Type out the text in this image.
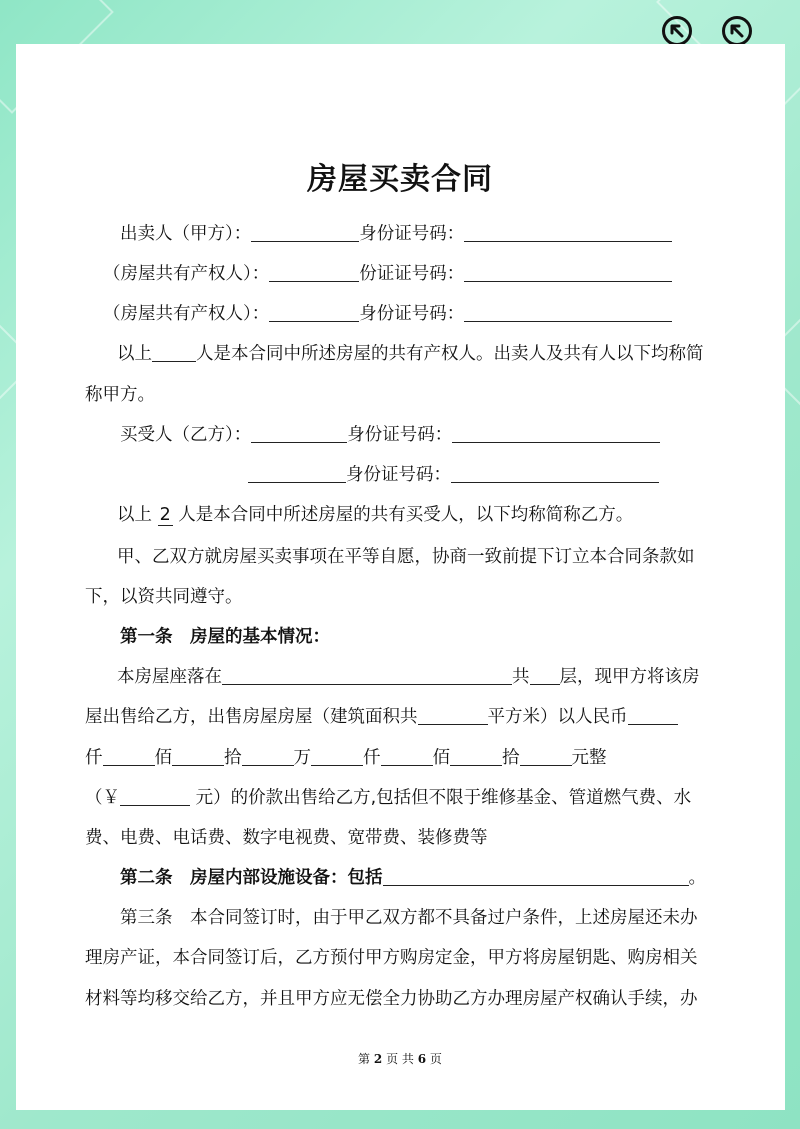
房屋买卖合同
出卖人（甲方）：	身份证号码：
（房屋共有产权人）：	份证证号码：
（房屋共有产权人）：	身份证号码：
以上	人是本合同中所述房屋的共有产权人。出卖人及共有人以下均称简
称甲方。
买受人（乙方）：	身份证号码：
身份证号码：
以上 2 人是本合同中所述房屋的共有买受人，以下均称简称乙方。
甲、乙双方就房屋买卖事项在平等自愿，协商一致前提下订立本合同条款如
下，以资共同遵守。
第一条　房屋的基本情况：
本房屋座落在	共 层，现甲方将该房
屋出售给乙方，出售房屋房屋（建筑面积共	平方米）以人民币
仟	佰	拾	万	仟	佰	拾	元整
（￥	元）的价款出售给乙方,包括但不限于维修基金、管道燃气费、水
费、电费、电话费、数字电视费、宽带费、装修费等
第二条　房屋内部设施设备：包括	。
第三条　本合同签订时，由于甲乙双方都不具备过户条件，上述房屋还未办
理房产证，本合同签订后，乙方预付甲方购房定金，甲方将房屋钥匙、购房相关
材料等均移交给乙方，并且甲方应无偿全力协助乙方办理房屋产权确认手续，办
第 2 页 共 6 页
